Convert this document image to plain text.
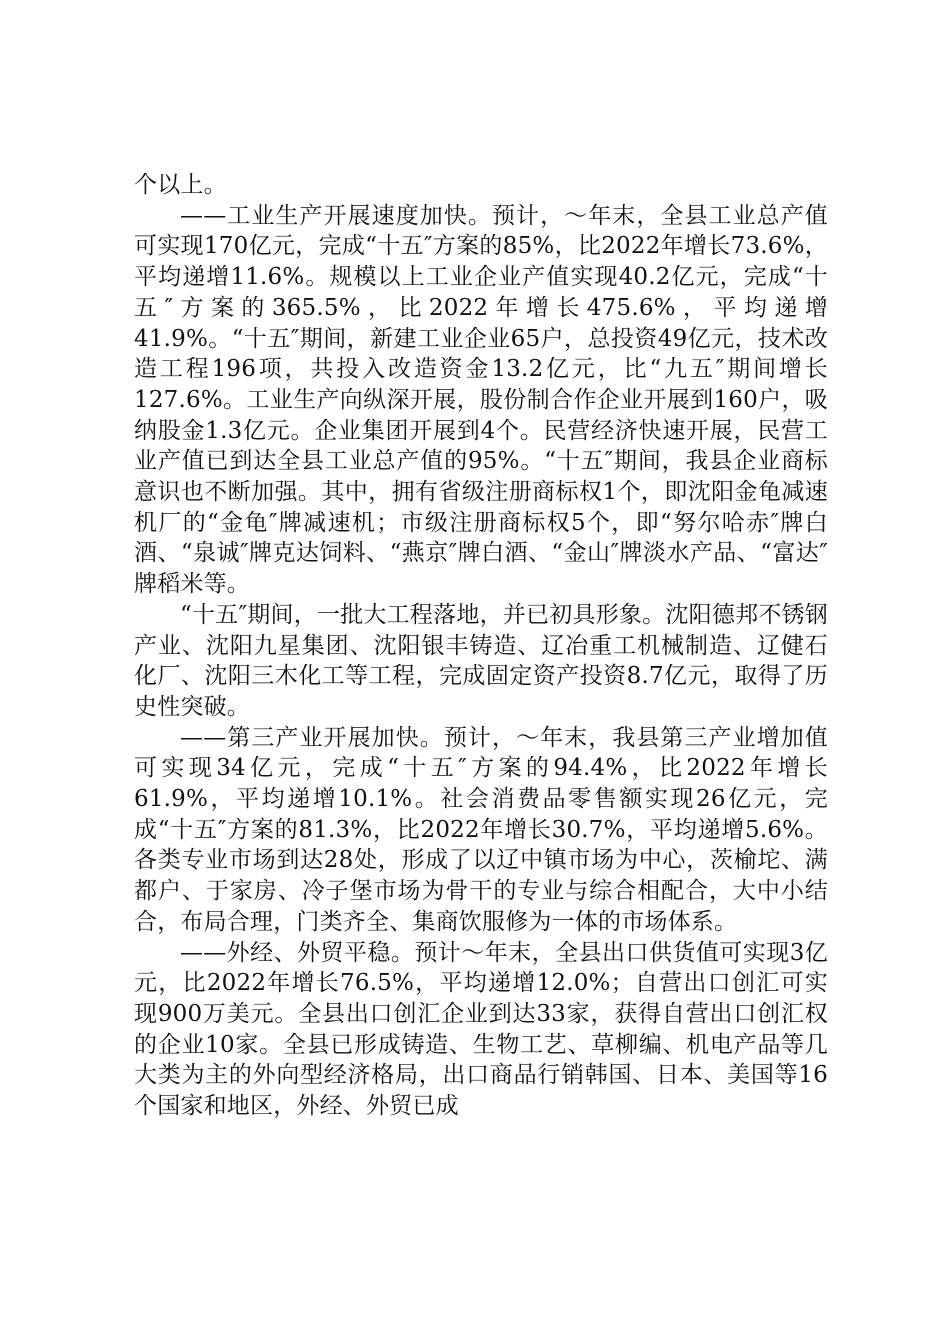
个以上。

——工业生产开展速度加快。预计，～年末，全县工业总产值可实现170亿元，完成“十五″方案的85%，比2022年增长73.6%，平均递增11.6%。规模以上工业企业产值实现40.2亿元，完成“十五″方案的365.5%，比2022年增长475.6%，平均递增41.9%。“十五″期间，新建工业企业65户，总投资49亿元，技术改造工程196项，共投入改造资金13.2亿元，比“九五″期间增长127.6%。工业生产向纵深开展，股份制合作企业开展到160户，吸纳股金1.3亿元。企业集团开展到4个。民营经济快速开展，民营工业产值已到达全县工业总产值的95%。“十五″期间，我县企业商标意识也不断加强。其中，拥有省级注册商标权1个，即沈阳金龟减速机厂的“金龟″牌减速机；市级注册商标权5个，即“努尔哈赤″牌白酒、“泉诚″牌克达饲料、“燕京″牌白酒、“金山″牌淡水产品、“富达″牌稻米等。

“十五″期间，一批大工程落地，并已初具形象。沈阳德邦不锈钢产业、沈阳九星集团、沈阳银丰铸造、辽冶重工机械制造、辽健石化厂、沈阳三木化工等工程，完成固定资产投资8.7亿元，取得了历史性突破。

——第三产业开展加快。预计，～年末，我县第三产业增加值可实现34亿元，完成“十五″方案的94.4%，比2022年增长61.9%，平均递增10.1%。社会消费品零售额实现26亿元，完成“十五″方案的81.3%，比2022年增长30.7%，平均递增5.6%。各类专业市场到达28处，形成了以辽中镇市场为中心，茨榆坨、满都户、于家房、冷子堡市场为骨干的专业与综合相配合，大中小结合，布局合理，门类齐全、集商饮服修为一体的市场体系。

——外经、外贸平稳。预计～年末，全县出口供货值可实现3亿元，比2022年增长76.5%，平均递增12.0%；自营出口创汇可实现900万美元。全县出口创汇企业到达33家，获得自营出口创汇权的企业10家。全县已形成铸造、生物工艺、草柳编、机电产品等几大类为主的外向型经济格局，出口商品行销韩国、日本、美国等16个国家和地区，外经、外贸已成
